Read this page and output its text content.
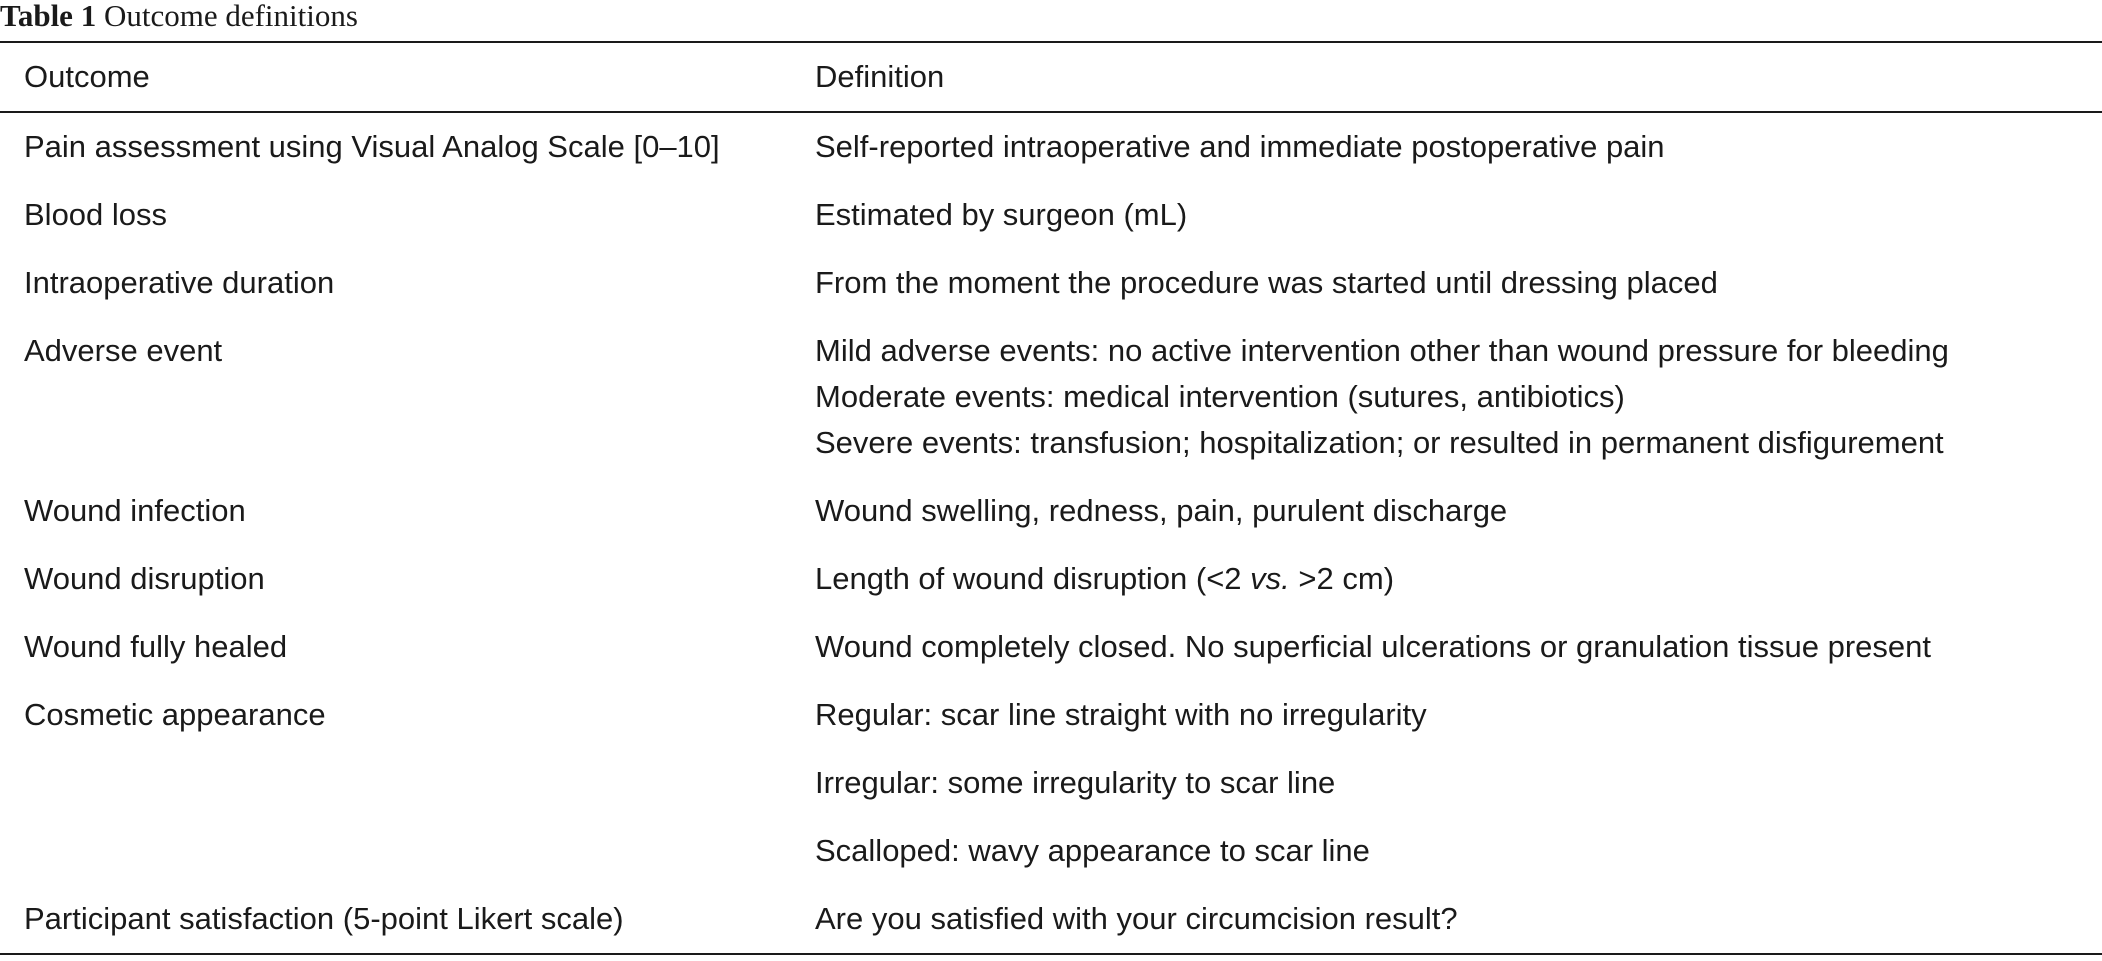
Table 1 Outcome definitions
Outcome	Definition
Pain assessment using Visual Analog Scale [0–10]	Self-reported intraoperative and immediate postoperative pain
Blood loss	Estimated by surgeon (mL)
Intraoperative duration	From the moment the procedure was started until dressing placed
Adverse event	Mild adverse events: no active intervention other than wound pressure for bleeding
Moderate events: medical intervention (sutures, antibiotics)
Severe events: transfusion; hospitalization; or resulted in permanent disfigurement

Wound infection	Wound swelling, redness, pain, purulent discharge
Wound disruption	Length of wound disruption (<2 vs. >2 cm)
Wound fully healed	Wound completely closed. No superficial ulcerations or granulation tissue present
Cosmetic appearance	Regular: scar line straight with no irregularity
	Irregular: some irregularity to scar line
	Scalloped: wavy appearance to scar line
Participant satisfaction (5-point Likert scale)	Are you satisfied with your circumcision result?
